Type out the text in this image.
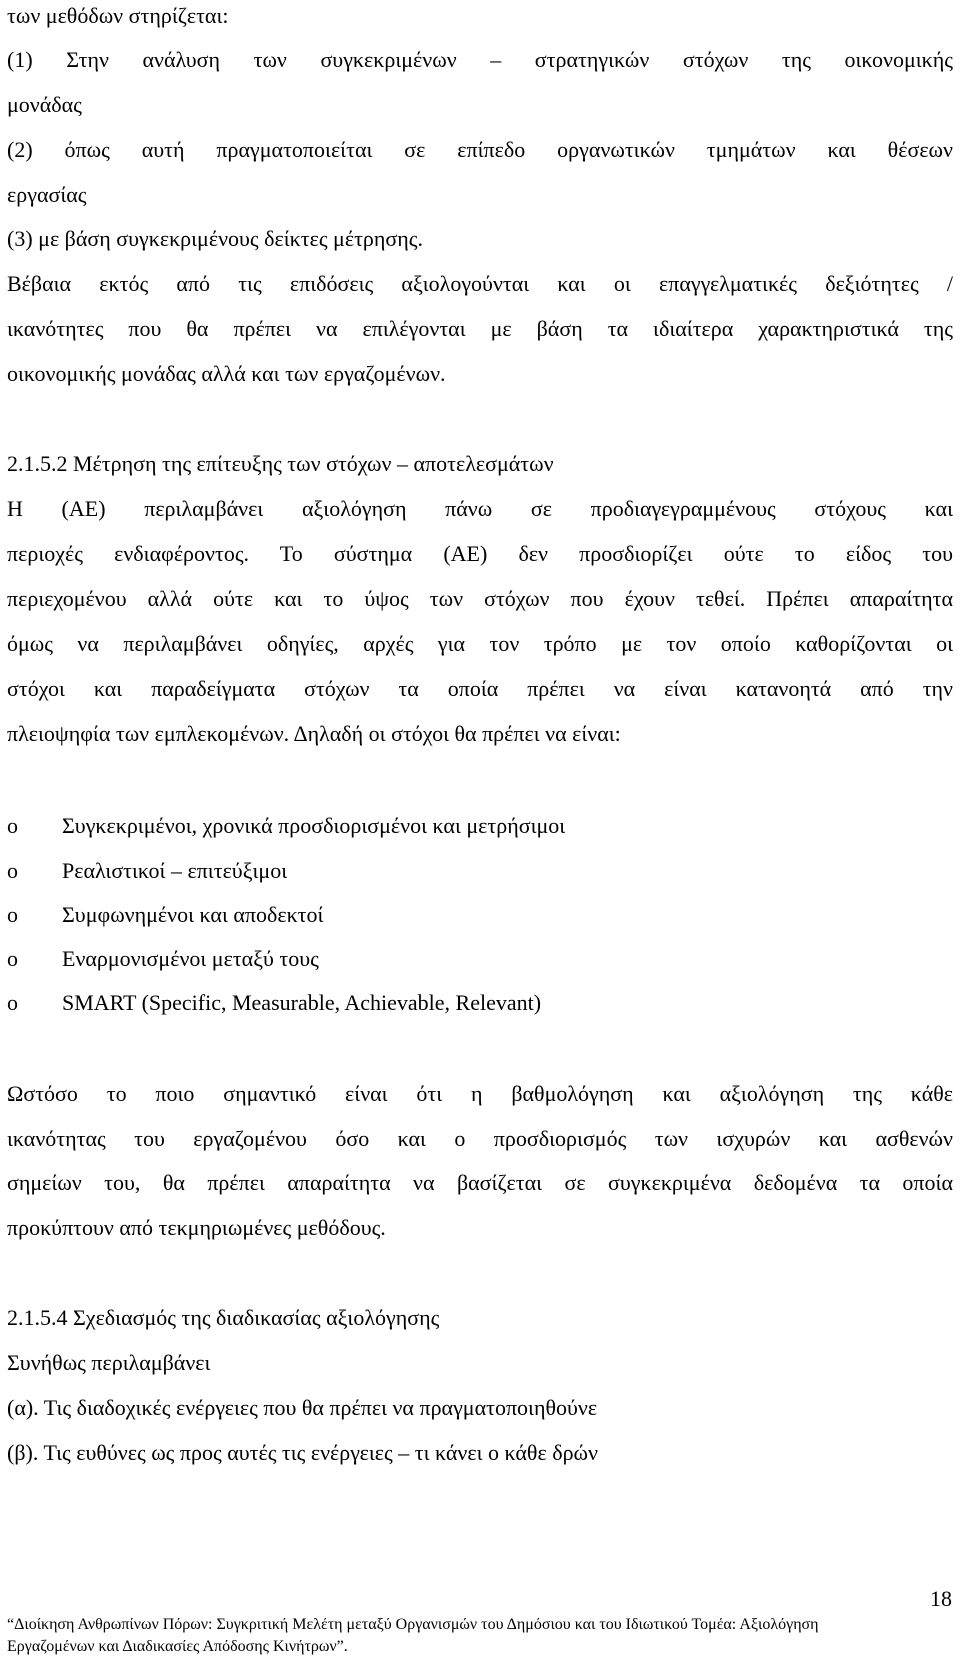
των μεθόδων στηρίζεται:
(1) Στην ανάλυση των συγκεκριμένων – στρατηγικών στόχων της οικονομικής
μονάδας
(2) όπως αυτή πραγματοποιείται σε επίπεδο οργανωτικών τμημάτων και θέσεων
εργασίας
(3) με βάση συγκεκριμένους δείκτες μέτρησης.
Βέβαια εκτός από τις επιδόσεις αξιολογούνται και οι επαγγελματικές δεξιότητες /
ικανότητες που θα πρέπει να επιλέγονται με βάση τα ιδιαίτερα χαρακτηριστικά της
οικονομικής μονάδας αλλά και των εργαζομένων.
2.1.5.2 Μέτρηση της επίτευξης των στόχων – αποτελεσμάτων
Η (ΑΕ) περιλαμβάνει αξιολόγηση πάνω σε προδιαγεγραμμένους στόχους και
περιοχές ενδιαφέροντος. Το σύστημα (ΑΕ) δεν προσδιορίζει ούτε το είδος του
περιεχομένου αλλά ούτε και το ύψος των στόχων που έχουν τεθεί. Πρέπει απαραίτητα
όμως να περιλαμβάνει οδηγίες, αρχές για τον τρόπο με τον οποίο καθορίζονται οι
στόχοι και παραδείγματα στόχων τα οποία πρέπει να είναι κατανοητά από την
πλειοψηφία των εμπλεκομένων. Δηλαδή οι στόχοι θα πρέπει να είναι:
o Συγκεκριμένοι, χρονικά προσδιορισμένοι και μετρήσιμοι
o Ρεαλιστικοί – επιτεύξιμοι
o Συμφωνημένοι και αποδεκτοί
o Εναρμονισμένοι μεταξύ τους
o SMART (Specific, Measurable, Achievable, Relevant)
Ωστόσο το ποιο σημαντικό είναι ότι η βαθμολόγηση και αξιολόγηση της κάθε
ικανότητας του εργαζομένου όσο και ο προσδιορισμός των ισχυρών και ασθενών
σημείων του, θα πρέπει απαραίτητα να βασίζεται σε συγκεκριμένα δεδομένα τα οποία
προκύπτουν από τεκμηριωμένες μεθόδους.
2.1.5.4 Σχεδιασμός της διαδικασίας αξιολόγησης
Συνήθως περιλαμβάνει
(α). Τις διαδοχικές ενέργειες που θα πρέπει να πραγματοποιηθούνε
(β). Τις ευθύνες ως προς αυτές τις ενέργειες – τι κάνει ο κάθε δρών
18
“Διοίκηση Ανθρωπίνων Πόρων: Συγκριτική Μελέτη μεταξύ Οργανισμών του Δημόσιου και του Ιδιωτικού Τομέα: Αξιολόγηση
Εργαζομένων και Διαδικασίες Απόδοσης Κινήτρων”.
